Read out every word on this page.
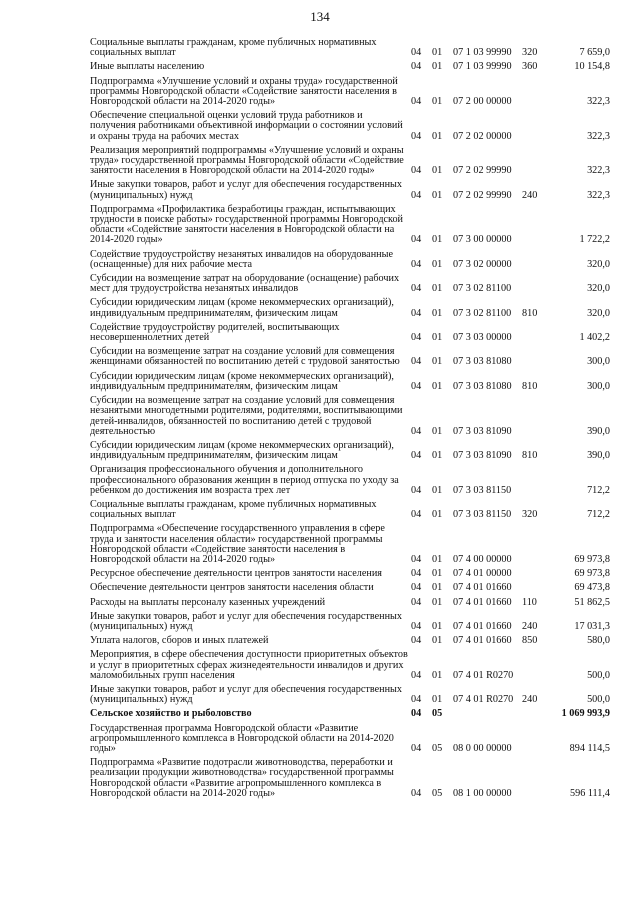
134
Социальные выплаты гражданам, кроме публичных нормативных социальных выплат	04 01 07 1 03 99990 320	7 659,0
Иные выплаты населению	04 01 07 1 03 99990 360	10 154,8
Подпрограмма «Улучшение условий и охраны труда» государственной программы Новгородской области «Содействие занятости населения в Новгородской области на 2014-2020 годы»	04 01 07 2 00 00000	322,3
Обеспечение специальной оценки условий труда работников и получения работниками объективной информации о состоянии условий и охраны труда на рабочих местах	04 01 07 2 02 00000	322,3
Реализация мероприятий подпрограммы «Улучшение условий и охраны труда» государственной программы Новгородской области «Содействие занятости населения в Новгородской области на 2014-2020 годы»	04 01 07 2 02 99990	322,3
Иные закупки товаров, работ и услуг для обеспечения государственных (муниципальных) нужд	04 01 07 2 02 99990 240	322,3
Подпрограмма «Профилактика безработицы граждан, испытывающих трудности в поиске работы» государственной программы Новгородской области «Содействие занятости населения в Новгородской области на 2014-2020 годы»	04 01 07 3 00 00000	1 722,2
Содействие трудоустройству незанятых инвалидов на оборудованные (оснащенные) для них рабочие места	04 01 07 3 02 00000	320,0
Субсидии на возмещение затрат на оборудование (оснащение) рабочих мест для трудоустройства незанятых инвалидов	04 01 07 3 02 81100	320,0
Субсидии юридическим лицам (кроме некоммерческих организаций), индивидуальным предпринимателям, физическим лицам	04 01 07 3 02 81100 810	320,0
Содействие трудоустройству родителей, воспитывающих несовершеннолетних детей	04 01 07 3 03 00000	1 402,2
Субсидии на возмещение затрат на создание условий для совмещения женщинами обязанностей по воспитанию детей с трудовой занятостью	04 01 07 3 03 81080	300,0
Субсидии юридическим лицам (кроме некоммерческих организаций), индивидуальным предпринимателям, физическим лицам	04 01 07 3 03 81080 810	300,0
Субсидии на возмещение затрат на создание условий для совмещения незанятыми многодетными родителями, родителями, воспитывающими детей-инвалидов, обязанностей по воспитанию детей с трудовой деятельностью	04 01 07 3 03 81090	390,0
Субсидии юридическим лицам (кроме некоммерческих организаций), индивидуальным предпринимателям, физическим лицам	04 01 07 3 03 81090 810	390,0
Организация профессионального обучения и дополнительного профессионального образования женщин в период отпуска по уходу за ребенком до достижения им возраста трех лет	04 01 07 3 03 81150	712,2
Социальные выплаты гражданам, кроме публичных нормативных социальных выплат	04 01 07 3 03 81150 320	712,2
Подпрограмма «Обеспечение государственного управления в сфере труда и занятости населения области» государственной программы Новгородской области «Содействие занятости населения в Новгородской области на 2014-2020 годы»	04 01 07 4 00 00000	69 973,8
Ресурсное обеспечение деятельности центров занятости населения	04 01 07 4 01 00000	69 973,8
Обеспечение деятельности центров занятости населения области	04 01 07 4 01 01660	69 473,8
Расходы на выплаты персоналу казенных учреждений	04 01 07 4 01 01660 110	51 862,5
Иные закупки товаров, работ и услуг для обеспечения государственных (муниципальных) нужд	04 01 07 4 01 01660 240	17 031,3
Уплата налогов, сборов и иных платежей	04 01 07 4 01 01660 850	580,0
Мероприятия, в сфере обеспечения доступности приоритетных объектов и услуг в приоритетных сферах жизнедеятельности инвалидов и других маломобильных групп населения	04 01 07 4 01 R0270	500,0
Иные закупки товаров, работ и услуг для обеспечения государственных (муниципальных) нужд	04 01 07 4 01 R0270 240	500,0
Сельское хозяйство и рыболовство	04 05	1 069 993,9
Государственная программа Новгородской области «Развитие агропромышленного комплекса в Новгородской области на 2014-2020 годы»	04 05 08 0 00 00000	894 114,5
Подпрограмма «Развитие подотрасли животноводства, переработки и реализации продукции животноводства» государственной программы Новгородской области «Развитие агропромышленного комплекса в Новгородской области на 2014-2020 годы»	04 05 08 1 00 00000	596 111,4
